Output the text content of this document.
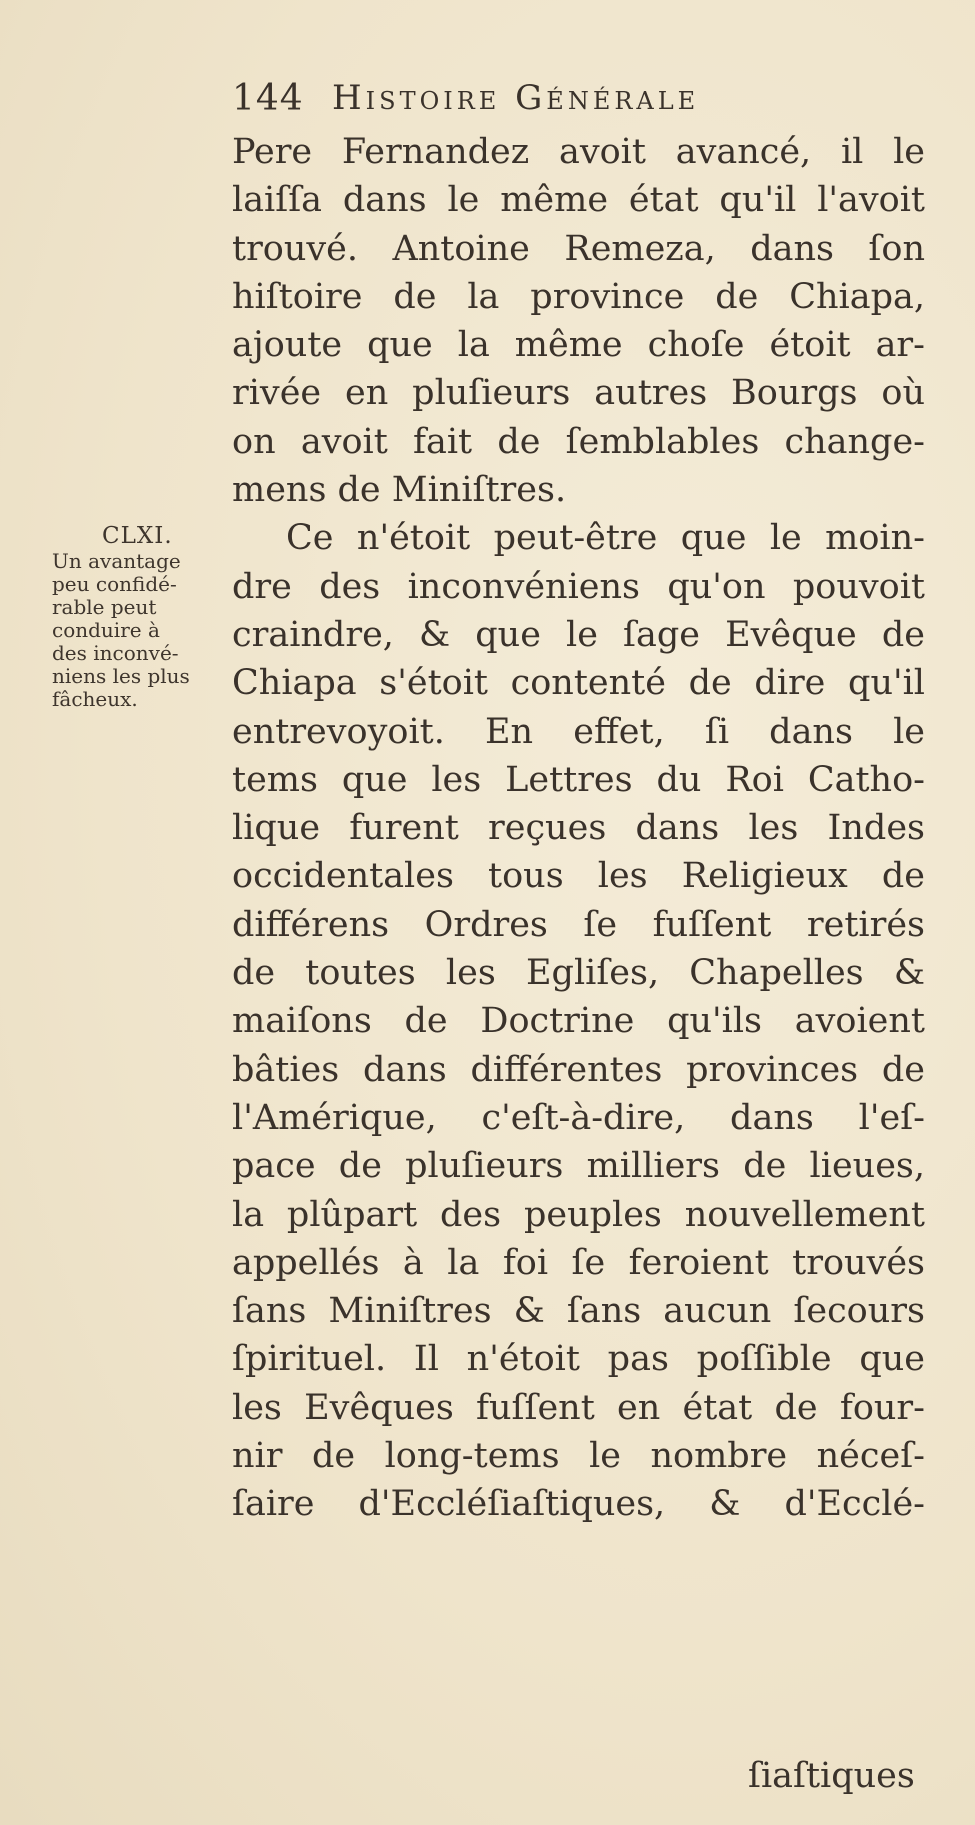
144 Histoire Générale
CLXI.
Un avantage
peu confidé-
rable peut
conduire à
des inconvé-
niens les plus
fâcheux.
Pere Fernandez avoit avancé, il le
laiſſa dans le même état qu'il l'avoit
trouvé. Antoine Remeza, dans ſon
hiſtoire de la province de Chiapa,
ajoute que la même choſe étoit ar-
rivée en pluſieurs autres Bourgs où
on avoit fait de ſemblables change-
mens de Miniſtres.
Ce n'étoit peut-être que le moin-
dre des inconvéniens qu'on pouvoit
craindre, & que le ſage Evêque de
Chiapa s'étoit contenté de dire qu'il
entrevoyoit. En effet, ſi dans le
tems que les Lettres du Roi Catho-
lique furent reçues dans les Indes
occidentales tous les Religieux de
différens Ordres ſe fuſſent retirés
de toutes les Egliſes, Chapelles &
maiſons de Doctrine qu'ils avoient
bâties dans différentes provinces de
l'Amérique, c'eſt-à-dire, dans l'eſ-
pace de pluſieurs milliers de lieues,
la plûpart des peuples nouvellement
appellés à la foi ſe feroient trouvés
ſans Miniſtres & ſans aucun ſecours
ſpirituel. Il n'étoit pas poſſible que
les Evêques fuſſent en état de four-
nir de long-tems le nombre néceſ-
ſaire d'Eccléſiaſtiques, & d'Ecclé-
ſiaſtiques
